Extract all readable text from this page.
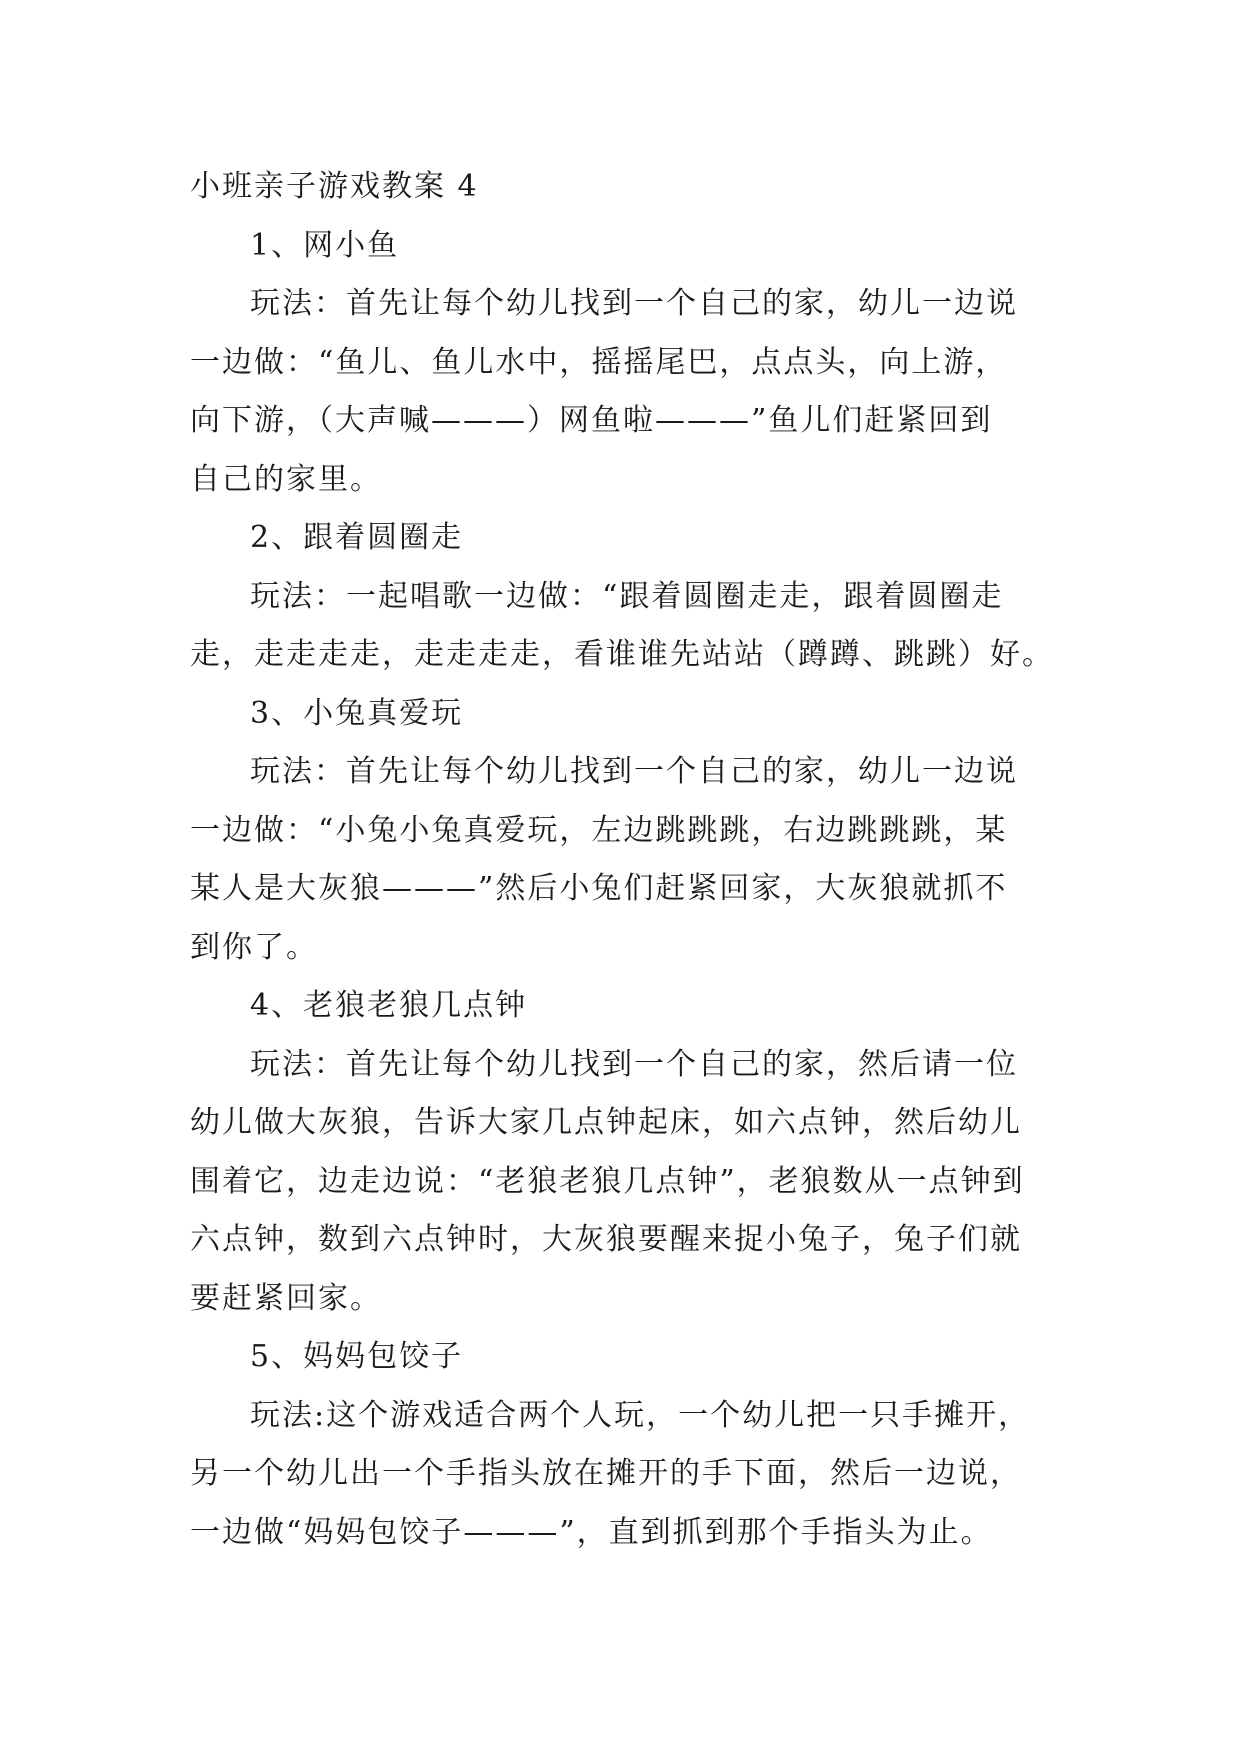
小班亲子游戏教案 4
1、网小鱼
玩法：首先让每个幼儿找到一个自己的家，幼儿一边说
一边做：“鱼儿、鱼儿水中，摇摇尾巴，点点头，向上游，
向下游，（大声喊———）网鱼啦———”鱼儿们赶紧回到
自己的家里。
2、跟着圆圈走
玩法：一起唱歌一边做：“跟着圆圈走走，跟着圆圈走
走，走走走走，走走走走，看谁谁先站站（蹲蹲、跳跳）好。
3、小兔真爱玩
玩法：首先让每个幼儿找到一个自己的家，幼儿一边说
一边做：“小兔小兔真爱玩，左边跳跳跳，右边跳跳跳，某
某人是大灰狼———”然后小兔们赶紧回家，大灰狼就抓不
到你了。
4、老狼老狼几点钟
玩法：首先让每个幼儿找到一个自己的家，然后请一位
幼儿做大灰狼，告诉大家几点钟起床，如六点钟，然后幼儿
围着它，边走边说：“老狼老狼几点钟”，老狼数从一点钟到
六点钟，数到六点钟时，大灰狼要醒来捉小兔子，兔子们就
要赶紧回家。
5、妈妈包饺子
玩法:这个游戏适合两个人玩，一个幼儿把一只手摊开，
另一个幼儿出一个手指头放在摊开的手下面，然后一边说，
一边做“妈妈包饺子———”，直到抓到那个手指头为止。
